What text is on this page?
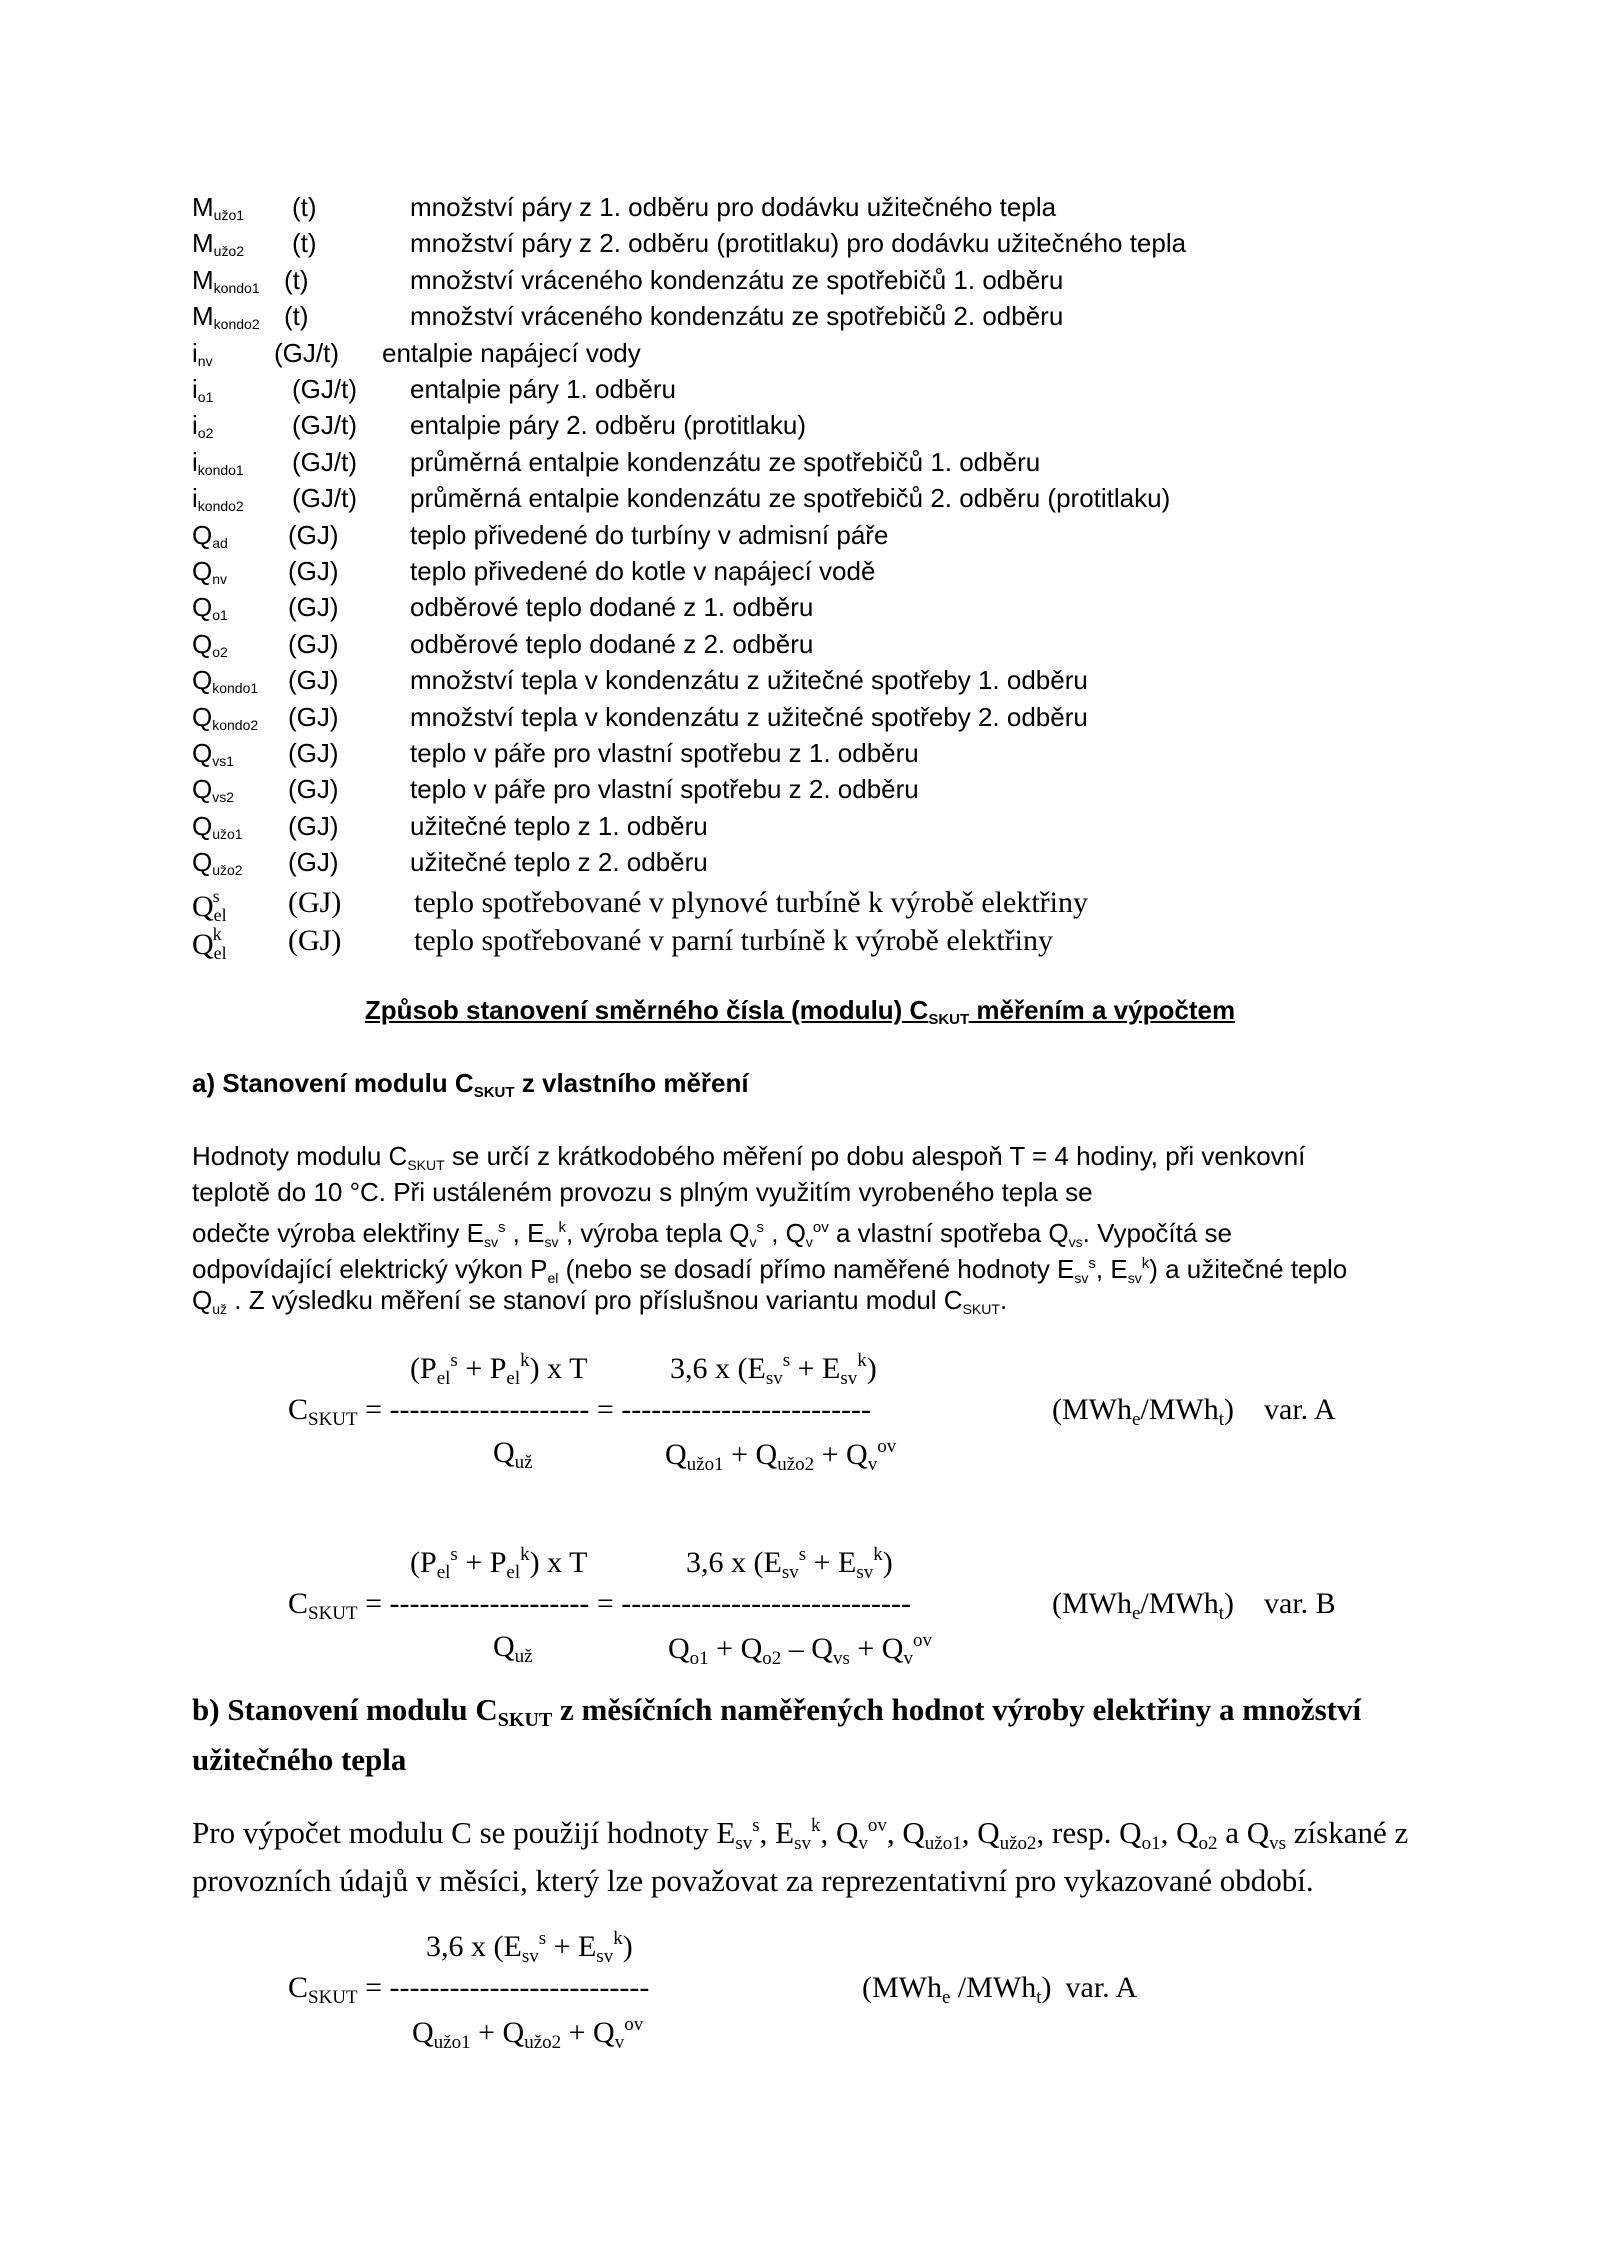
$M_{užo1}$ (t)	množství páry z 1. odběru pro dodávku užitečného tepla
$M_{užo2}$ (t)	množství páry z 2. odběru (protitlaku) pro dodávku užitečného tepla
$M_{kondo1}$ (t)	množství vráceného kondenzátu ze spotřebičů 1. odběru
$M_{kondo2}$ (t)	množství vráceného kondenzátu ze spotřebičů 2. odběru
$i_{nv}$ (GJ/t) entalpie napájecí vody
$i_{o1}$	(GJ/t) entalpie páry 1. odběru
$i_{o2}$	(GJ/t) entalpie páry 2. odběru (protitlaku)
$i_{kondo1}$ (GJ/t) průměrná entalpie kondenzátu ze spotřebičů 1. odběru
$i_{kondo2}$ (GJ/t) průměrná entalpie kondenzátu ze spotřebičů 2. odběru (protitlaku)
$Q_{ad}$ (GJ)	teplo přivedené do turbíny v admisní páře
$Q_{nv}$ (GJ)	teplo přivedené do kotle v napájecí vodě
$Q_{o1}$ (GJ)	odběrové teplo dodané z 1. odběru
$Q_{o2}$ (GJ)	odběrové teplo dodané z 2. odběru
$Q_{kondo1}$ (GJ)	množství tepla v kondenzátu z užitečné spotřeby 1. odběru
$Q_{kondo2}$ (GJ)	množství tepla v kondenzátu z užitečné spotřeby 2. odběru
$Q_{vs1}$ (GJ)	teplo v páře pro vlastní spotřebu z 1. odběru
$Q_{vs2}$ (GJ)	teplo v páře pro vlastní spotřebu z 2. odběru
$Q_{užo1}$ (GJ)	užitečné teplo z 1. odběru
$Q_{užo2}$ (GJ)	užitečné teplo z 2. odběru
$Q_{el}^s$ (GJ) teplo spotřebované v plynové turbíně k výrobě elektřiny
$Q_{el}^k$ (GJ) teplo spotřebované v parní turbíně k výrobě elektřiny
Způsob stanovení směrného čísla (modulu) $C_{SKUT}$ měřením a výpočtem
a) Stanovení modulu $C_{SKUT}$ z vlastního měření
Hodnoty modulu $C_{SKUT}$ se určí z krátkodobého měření po dobu alespoň T = 4 hodiny, při venkovní
teplotě do 10 °C. Při ustáleném provozu s plným využitím vyrobeného tepla se
odečte výroba elektřiny $E_{sv}^s$ , $E_{sv}^k$, výroba tepla $Q_v^s$ , $Q_v^{ov}$ a vlastní spotřeba $Q_{vs}$. Vypočítá se
odpovídající elektrický výkon $P_{el}$ (nebo se dosadí přímo naměřené hodnoty $E_{sv}^s$, $E_{sv}^k$) a užitečné teplo
$Q_{už}$ . Z výsledku měření se stanoví pro příslušnou variantu modul $C_{SKUT}$.
$(P_{el}^s + P_{el}^k)$ x T	3,6 x $(E_{sv}^s + E_{sv}^k)$
$C_{SKUT}$ = -------------------- = -------------------------	(MWh$_e$/MWh$_t$) var. A
$Q_{už}$	$Q_{užo1} + Q_{užo2} + Q_v^{ov}$
$(P_{el}^s + P_{el}^k)$ x T	3,6 x $(E_{sv}^s + E_{sv}^k)$
$C_{SKUT}$ = -------------------- = -----------------------------	(MWh$_e$/MWh$_t$) var. B
$Q_{už}$	$Q_{o1} + Q_{o2} - Q_{vs} + Q_v^{ov}$
b) Stanovení modulu $C_{SKUT}$ z měsíčních naměřených hodnot výroby elektřiny a množství užitečného tepla
Pro výpočet modulu C se použijí hodnoty $E_{sv}^s$, $E_{sv}^k$, $Q_v^{ov}$, $Q_{užo1}$, $Q_{užo2}$, resp. $Q_{o1}$, $Q_{o2}$ a $Q_{vs}$ získané z provozních údajů v měsíci, který lze považovat za reprezentativní pro vykazované období.
3,6 x $(E_{sv}^s + E_{sv}^k)$
$C_{SKUT}$ = --------------------------	(MWh$_e$ /MWh$_t$) var. A
$Q_{užo1} + Q_{užo2} + Q_v^{ov}$
